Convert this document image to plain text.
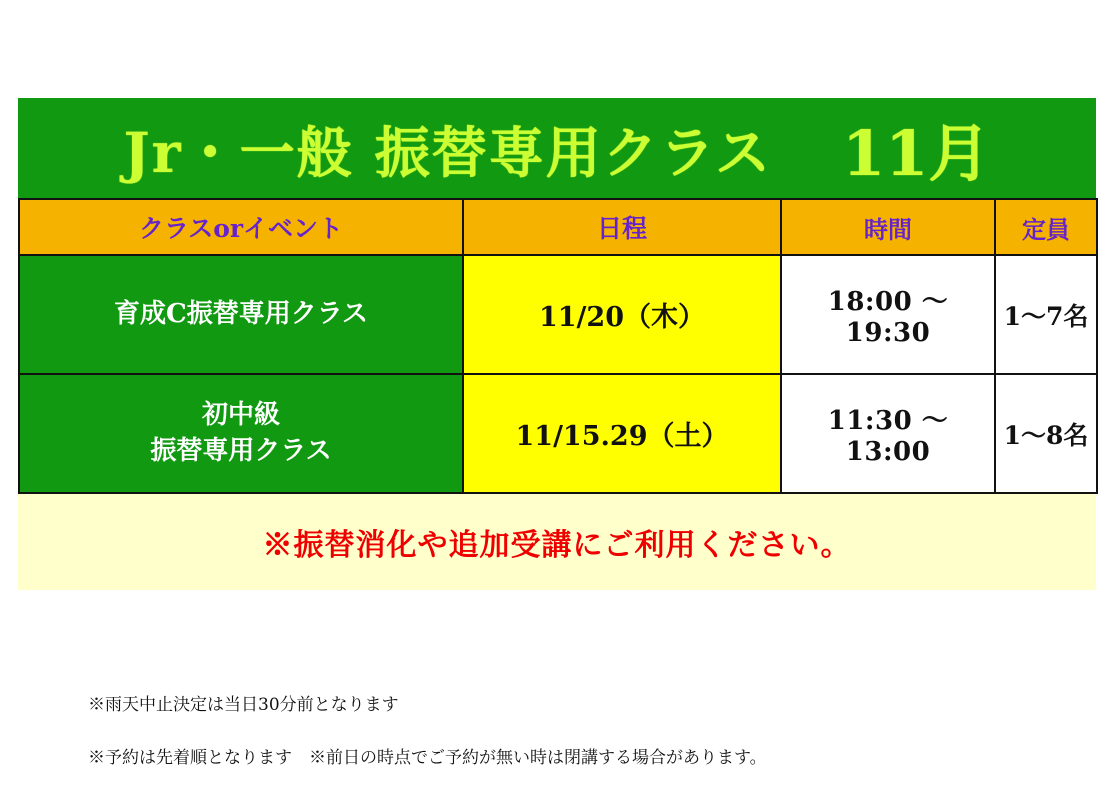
Jr・一般 振替専用クラス 11月
クラスorイベント	日程	時間	定員
育成C振替専用クラス	11/20（木）	18:00 ～ 19:30	1～7名

初中級
振替専用クラス	11/15.29（土）	11:30 ～ 13:00	1～8名
※振替消化や追加受講にご利用ください。
※雨天中止決定は当日30分前となります
※予約は先着順となります　※前日の時点でご予約が無い時は閉講する場合があります。
